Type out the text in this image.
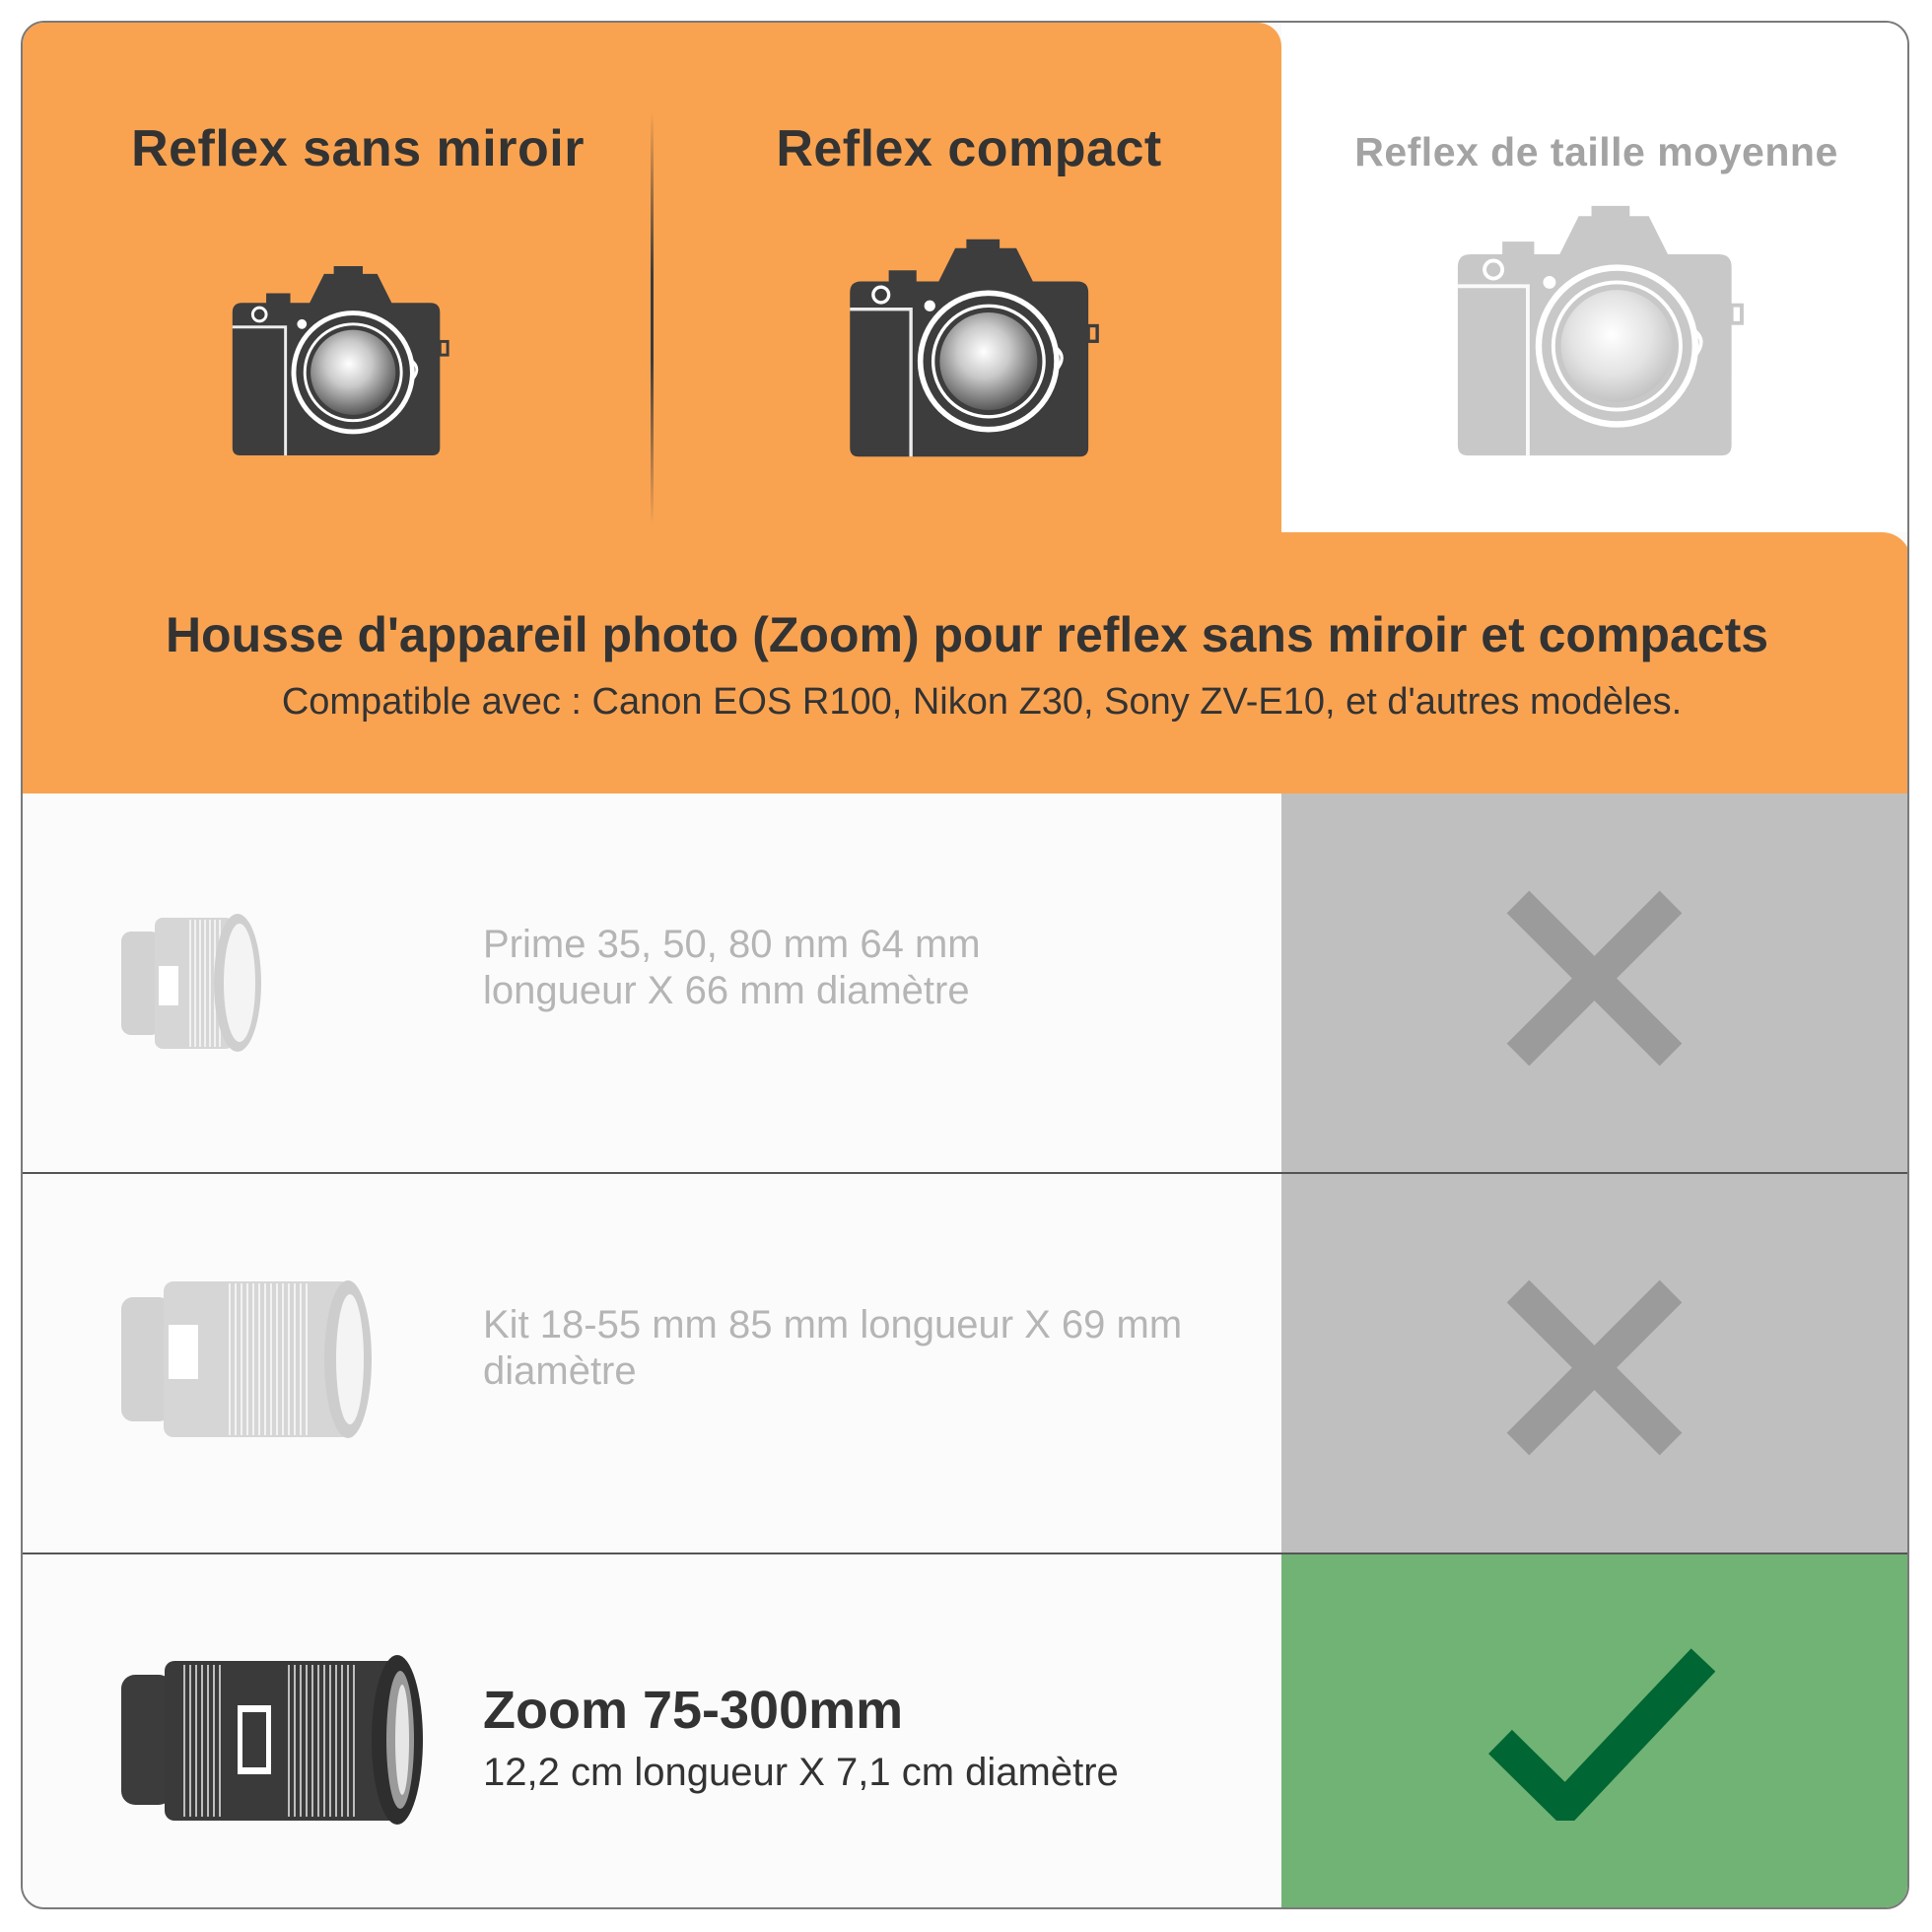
Reflex sans miroir	Reflex compact	Reflex de taille moyenne
Housse d'appareil photo (Zoom) pour reflex sans miroir et compacts
Compatible avec : Canon EOS R100, Nikon Z30, Sony ZV-E10, et d'autres modèles.
Prime 35, 50, 80 mm 64 mm
longueur X 66 mm diamètre
Kit 18-55 mm 85 mm longueur X 69 mm
diamètre
Zoom 75-300mm
12,2 cm longueur X 7,1 cm diamètre
